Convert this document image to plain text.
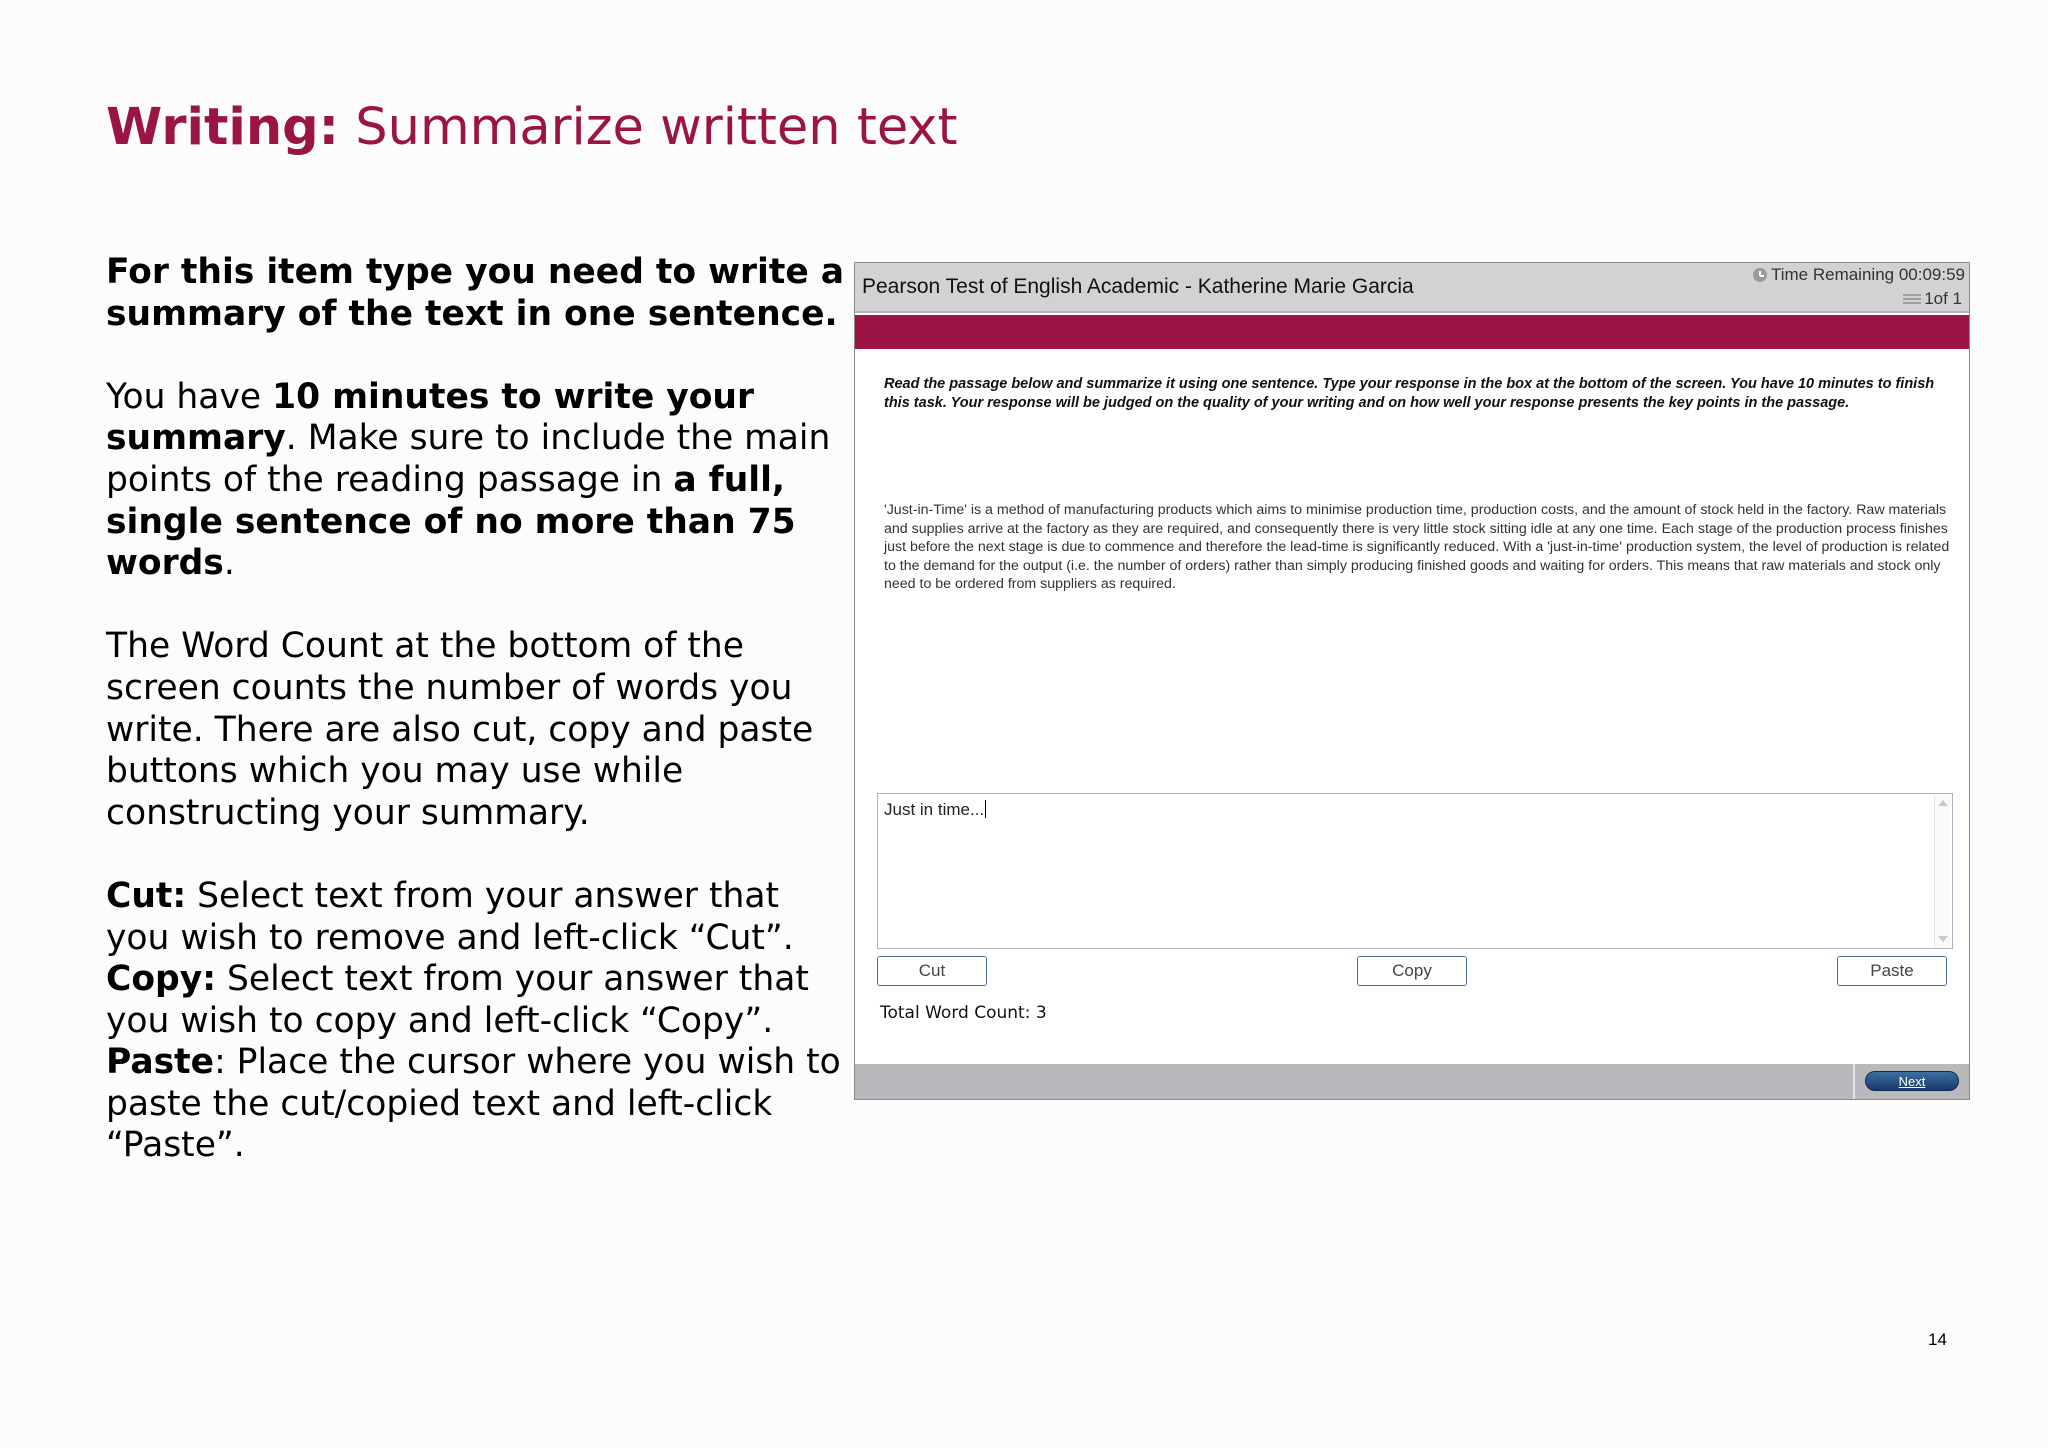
Writing: Summarize written text

For this item type you need to write a summary of the text in one sentence.

You have 10 minutes to write your summary. Make sure to include the main points of the reading passage in a full, single sentence of no more than 75 words.

The Word Count at the bottom of the screen counts the number of words you write. There are also cut, copy and paste buttons which you may use while constructing your summary.

Cut: Select text from your answer that you wish to remove and left-click “Cut”.

Copy: Select text from your answer that you wish to copy and left-click “Copy”.

Paste: Place the cursor where you wish to paste the cut/copied text and left-click “Paste”.

Pearson Test of English Academic - Katherine Marie Garcia
Time Remaining 00:09:59
1of 1
Read the passage below and summarize it using one sentence. Type your response in the box at the bottom of the screen. You have 10 minutes to finish this task. Your response will be judged on the quality of your writing and on how well your response presents the key points in the passage.
'Just-in-Time' is a method of manufacturing products which aims to minimise production time, production costs, and the amount of stock held in the factory. Raw materials and supplies arrive at the factory as they are required, and consequently there is very little stock sitting idle at any one time. Each stage of the production process finishes just before the next stage is due to commence and therefore the lead-time is significantly reduced. With a 'just-in-time' production system, the level of production is related to the demand for the output (i.e. the number of orders) rather than simply producing finished goods and waiting for orders. This means that raw materials and stock only need to be ordered from suppliers as required.
Just in time...
Cut	Copy	Paste
Total Word Count: 3
Next
14
